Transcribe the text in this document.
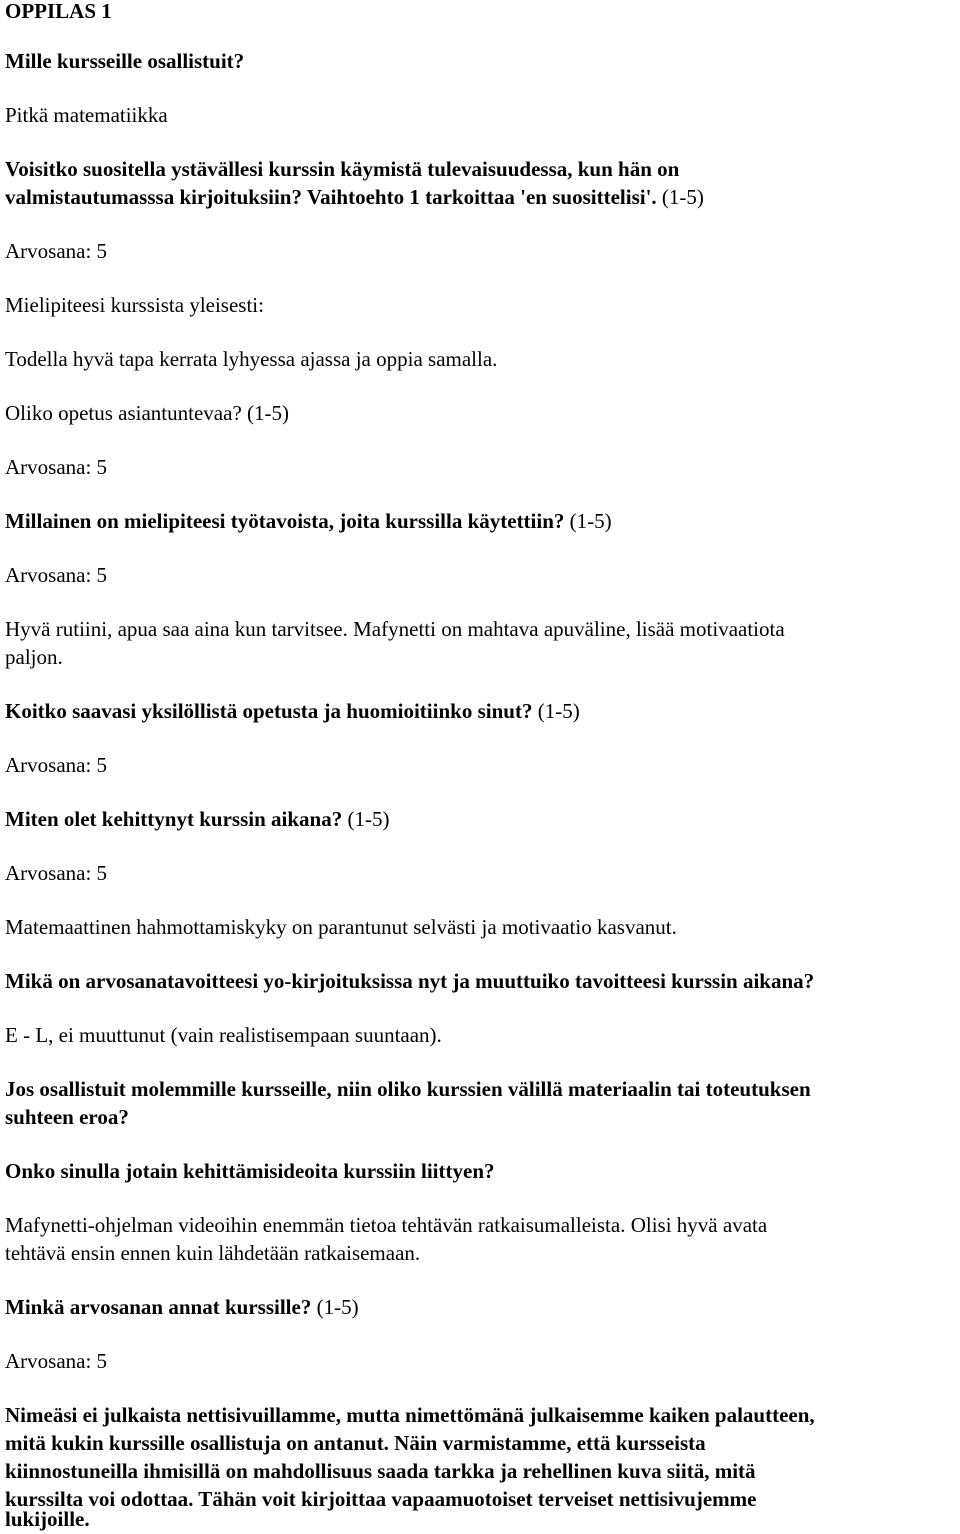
OPPILAS 1

Mille kursseille osallistuit?

Pitkä matematiikka

Voisitko suositella ystävällesi kurssin käymistä tulevaisuudessa, kun hän on

valmistautumasssa kirjoituksiin? Vaihtoehto 1 tarkoittaa 'en suosittelisi'. (1-5)

Arvosana: 5

Mielipiteesi kurssista yleisesti:

Todella hyvä tapa kerrata lyhyessa ajassa ja oppia samalla.

Oliko opetus asiantuntevaa? (1-5)

Arvosana: 5

Millainen on mielipiteesi työtavoista, joita kurssilla käytettiin? (1-5)

Arvosana: 5

Hyvä rutiini, apua saa aina kun tarvitsee. Mafynetti on mahtava apuväline, lisää motivaatiota

paljon.

Koitko saavasi yksilöllistä opetusta ja huomioitiinko sinut? (1-5)

Arvosana: 5

Miten olet kehittynyt kurssin aikana? (1-5)

Arvosana: 5

Matemaattinen hahmottamiskyky on parantunut selvästi ja motivaatio kasvanut.

Mikä on arvosanatavoitteesi yo-kirjoituksissa nyt ja muuttuiko tavoitteesi kurssin aikana?

E - L, ei muuttunut (vain realistisempaan suuntaan).

Jos osallistuit molemmille kursseille, niin oliko kurssien välillä materiaalin tai toteutuksen

suhteen eroa?

Onko sinulla jotain kehittämisideoita kurssiin liittyen?

Mafynetti-ohjelman videoihin enemmän tietoa tehtävän ratkaisumalleista. Olisi hyvä avata

tehtävä ensin ennen kuin lähdetään ratkaisemaan.

Minkä arvosanan annat kurssille? (1-5)

Arvosana: 5

Nimeäsi ei julkaista nettisivuillamme, mutta nimettömänä julkaisemme kaiken palautteen,

mitä kukin kurssille osallistuja on antanut. Näin varmistamme, että kursseista

kiinnostuneilla ihmisillä on mahdollisuus saada tarkka ja rehellinen kuva siitä, mitä

kurssilta voi odottaa. Tähän voit kirjoittaa vapaamuotoiset terveiset nettisivujemme

lukijoille.
